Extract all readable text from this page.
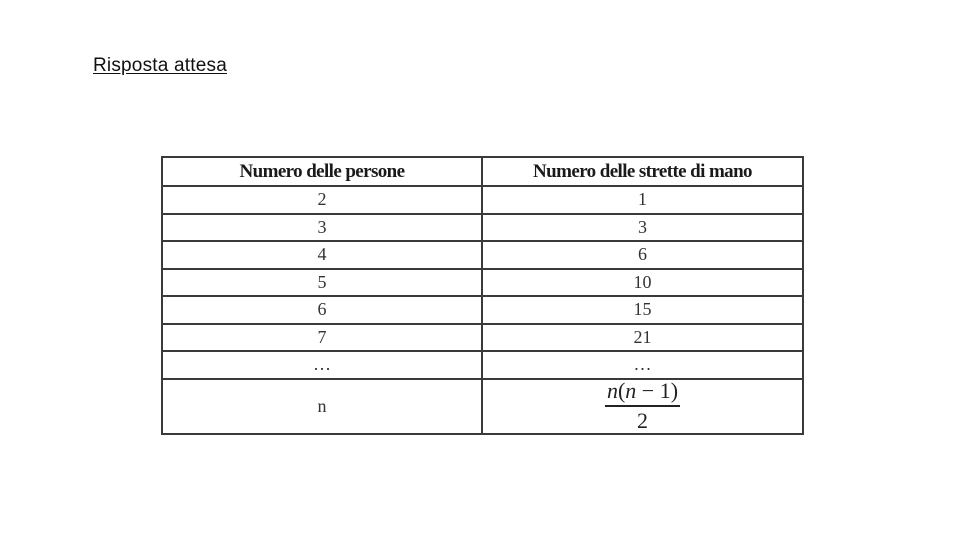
Risposta attesa
Numero delle persone	Numero delle strette di mano
2	1
3	3
4	6
5	10
6	15
7	21
…	…
n	$\frac{n(n - 1)}{2}$
